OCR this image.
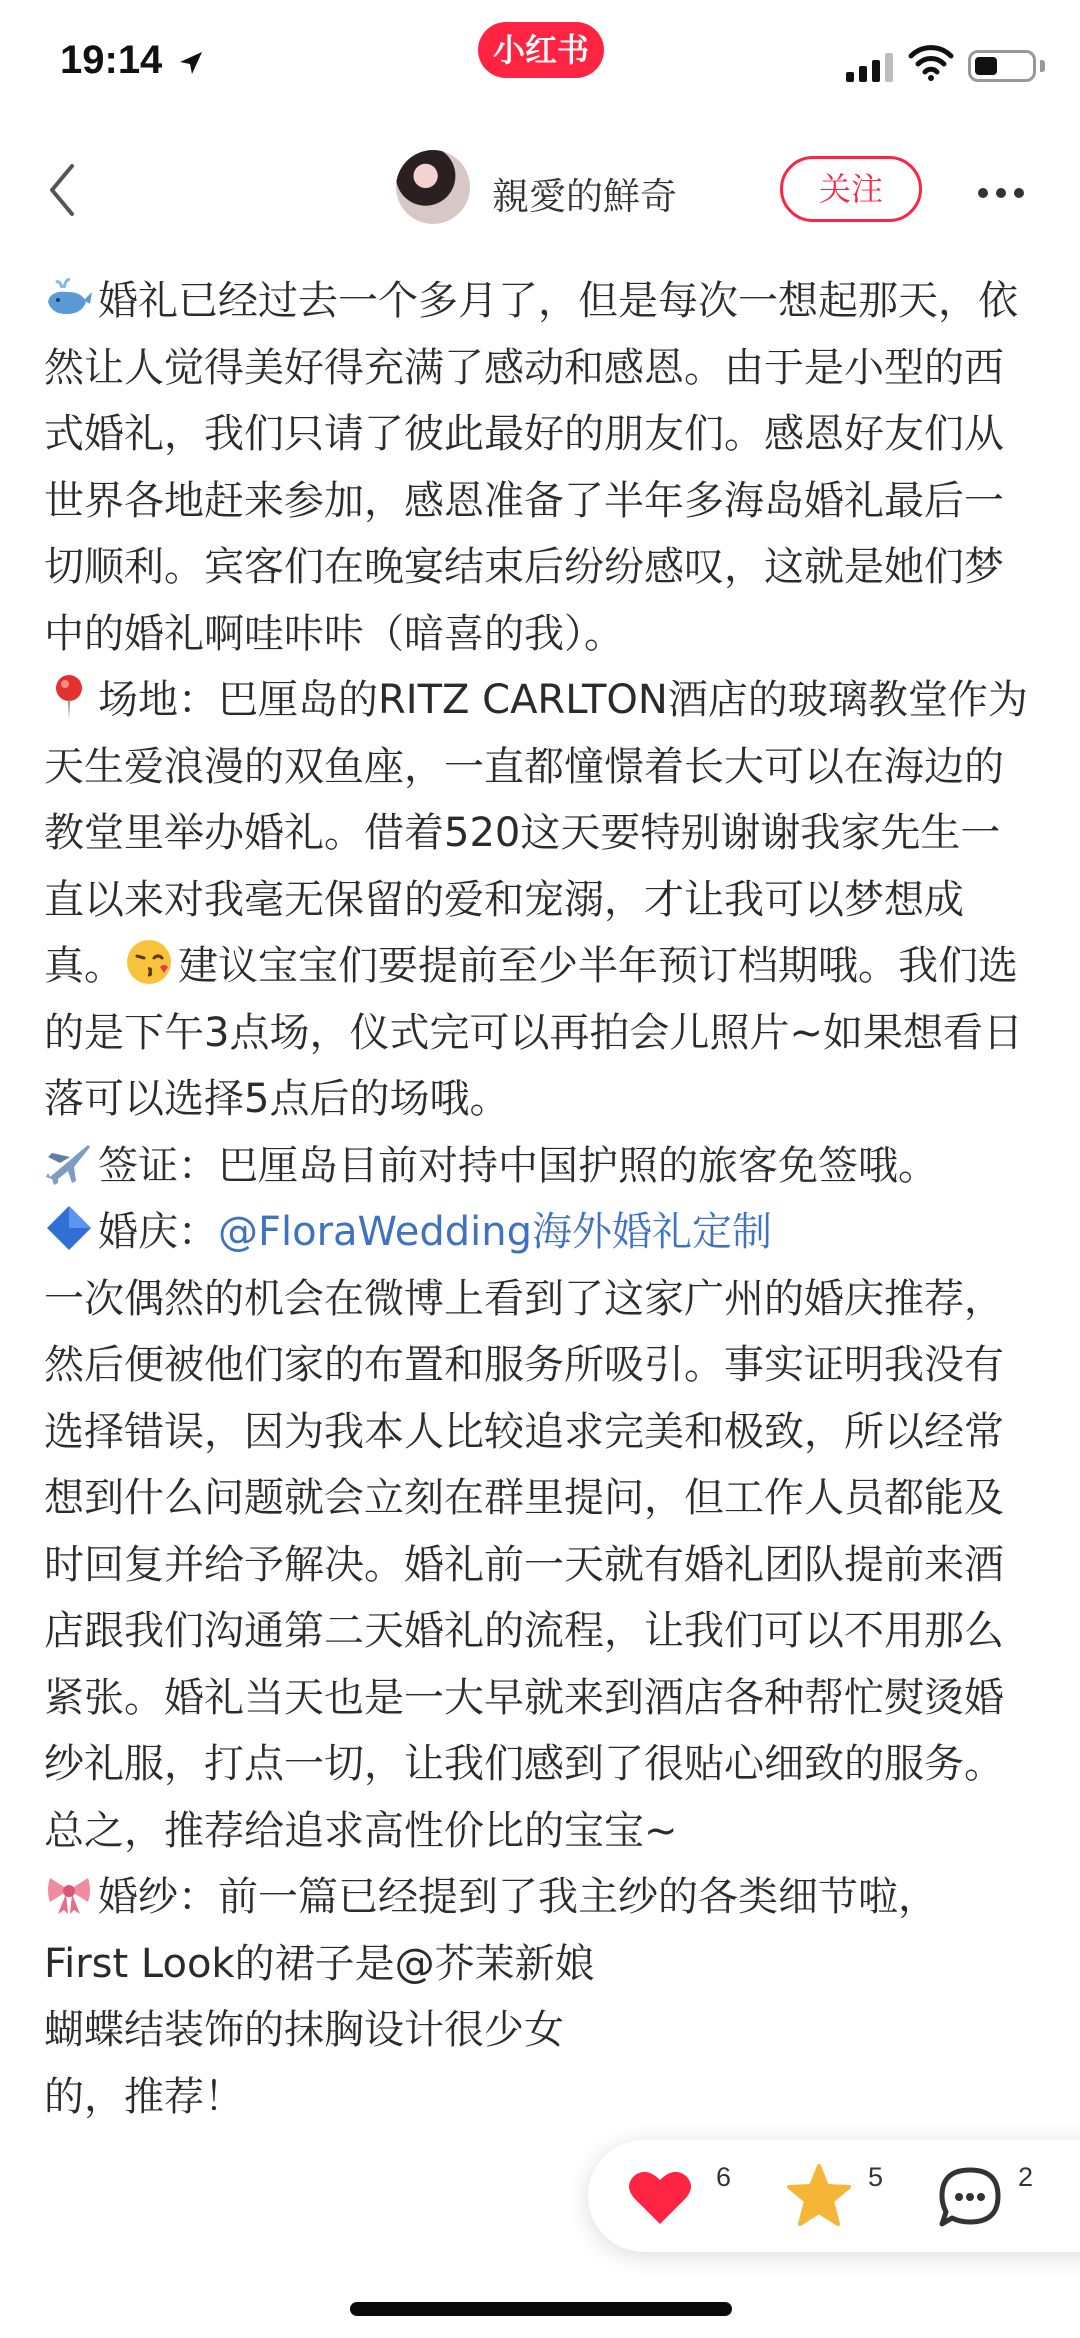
19:14	小红书
親愛的鮮奇	关注

婚礼已经过去一个多月了，但是每次一想起那天，依然让人觉得美好得充满了感动和感恩。由于是小型的西式婚礼，我们只请了彼此最好的朋友们。感恩好友们从世界各地赶来参加，感恩准备了半年多海岛婚礼最后一切顺利。宾客们在晚宴结束后纷纷感叹，这就是她们梦中的婚礼啊哇咔咔（暗喜的我）。

场地：巴厘岛的RITZ CARLTON酒店的玻璃教堂作为天生爱浪漫的双鱼座，一直都憧憬着长大可以在海边的教堂里举办婚礼。借着520这天要特别谢谢我家先生一直以来对我毫无保留的爱和宠溺，才让我可以梦想成真。 建议宝宝们要提前至少半年预订档期哦。我们选的是下午3点场，仪式完可以再拍会儿照片~如果想看日落可以选择5点后的场哦。

签证：巴厘岛目前对持中国护照的旅客免签哦。

婚庆：@FloraWedding海外婚礼定制

一次偶然的机会在微博上看到了这家广州的婚庆推荐，然后便被他们家的布置和服务所吸引。事实证明我没有选择错误，因为我本人比较追求完美和极致，所以经常想到什么问题就会立刻在群里提问，但工作人员都能及时回复并给予解决。婚礼前一天就有婚礼团队提前来酒店跟我们沟通第二天婚礼的流程，让我们可以不用那么紧张。婚礼当天也是一大早就来到酒店各种帮忙熨烫婚纱礼服，打点一切，让我们感到了很贴心细致的服务。总之，推荐给追求高性价比的宝宝~

婚纱：前一篇已经提到了我主纱的各类细节啦，

First Look的裙子是@芥茉新娘

蝴蝶结装饰的抹胸设计很少女

的，推荐！

6	5	2
